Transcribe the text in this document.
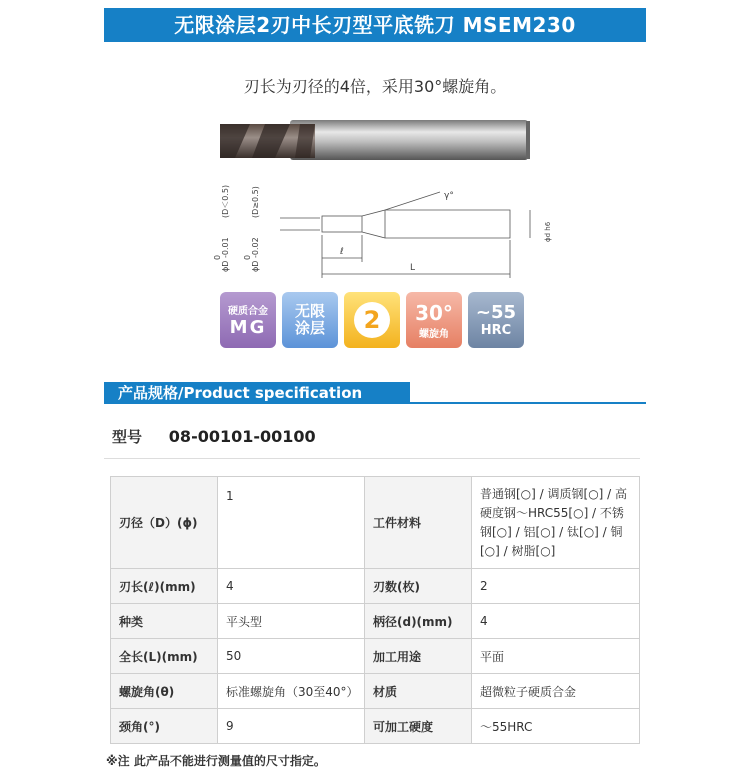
无限涂层2刃中长刃型平底铣刀 MSEM230
刃长为刃径的4倍，采用30°螺旋角。
ϕD -0.01
0
(D＜0.5)
ϕD -0.02
0
(D≥0.5)	γ°
ℓ
L
ϕd h6
硬质合金
MG
无限
涂层	2	30°
螺旋角
~55
HRC
产品规格/Product specification
型号 08-00101-00100
刃径（D）(ϕ)	1	工件材料	普通钢[○] / 调质钢[○] / 高硬度钢～HRC55[○] / 不锈钢[○] / 铝[○] / 钛[○] / 铜[○] / 树脂[○]
刃长(ℓ)(mm)	4	刃数(枚)	2
种类	平头型	柄径(d)(mm)	4
全长(L)(mm)	50	加工用途	平面
螺旋角(θ)	标准螺旋角（30至40°）	材质	超微粒子硬质合金
颈角(°)	9	可加工硬度	～55HRC
※注 此产品不能进行测量值的尺寸指定。
